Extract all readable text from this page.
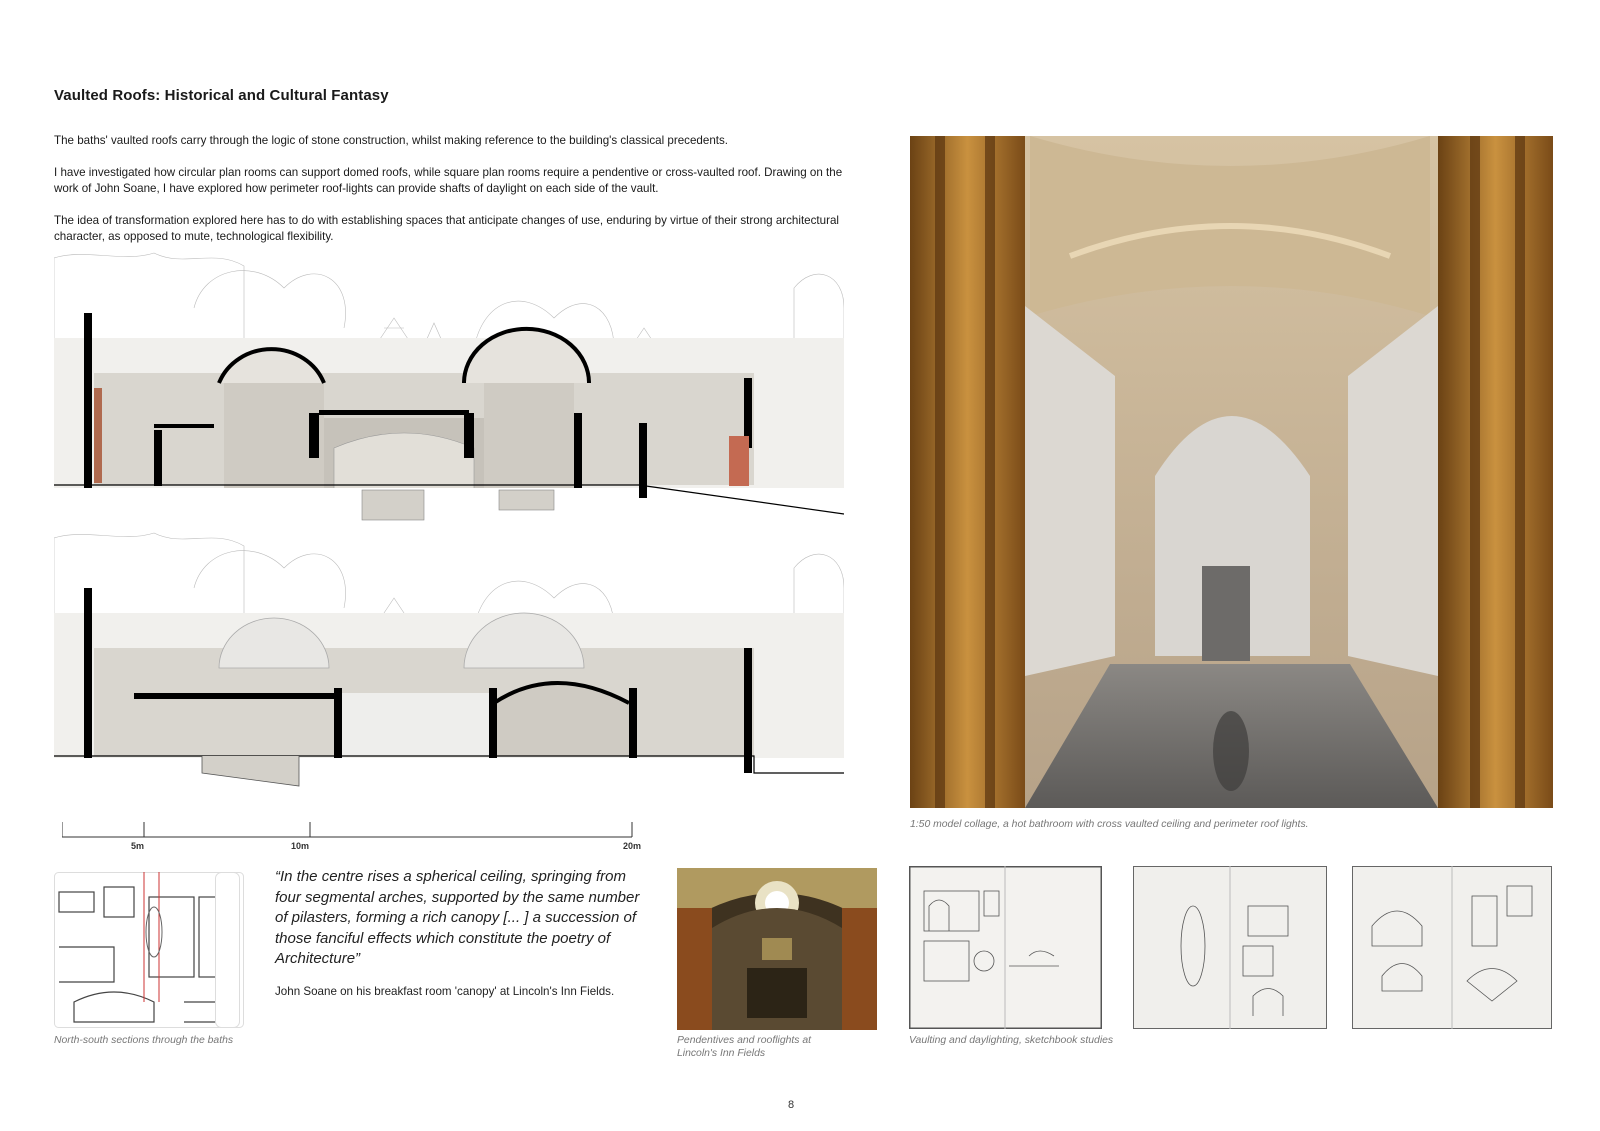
Vaulted Roofs: Historical and Cultural Fantasy

The baths' vaulted roofs carry through the logic of stone construction, whilst making reference to the building's classical precedents.

I have investigated how circular plan rooms can support domed roofs, while square plan rooms require a pendentive or cross-vaulted roof. Drawing on the work of John Soane, I have explored how perimeter roof-lights can provide shafts of daylight on each side of the vault.

The idea of transformation explored here has to do with establishing spaces that anticipate changes of use, enduring by virtue of their strong architectural character, as opposed to mute, technological flexibility.

5m	10m	20m
North-south sections through the baths
“In the centre rises a spherical ceiling, springing from four segmental arches, supported by the same number of pilasters, forming a rich canopy [... ] a succession of those fanciful effects which constitute the poetry of Architecture”
John Soane on his breakfast room 'canopy' at Lincoln's Inn Fields.
1:50 model collage, a hot bathroom with cross vaulted ceiling and perimeter roof lights.
Pendentives and rooflights at Lincoln's Inn Fields
Vaulting and daylighting, sketchbook studies
8
